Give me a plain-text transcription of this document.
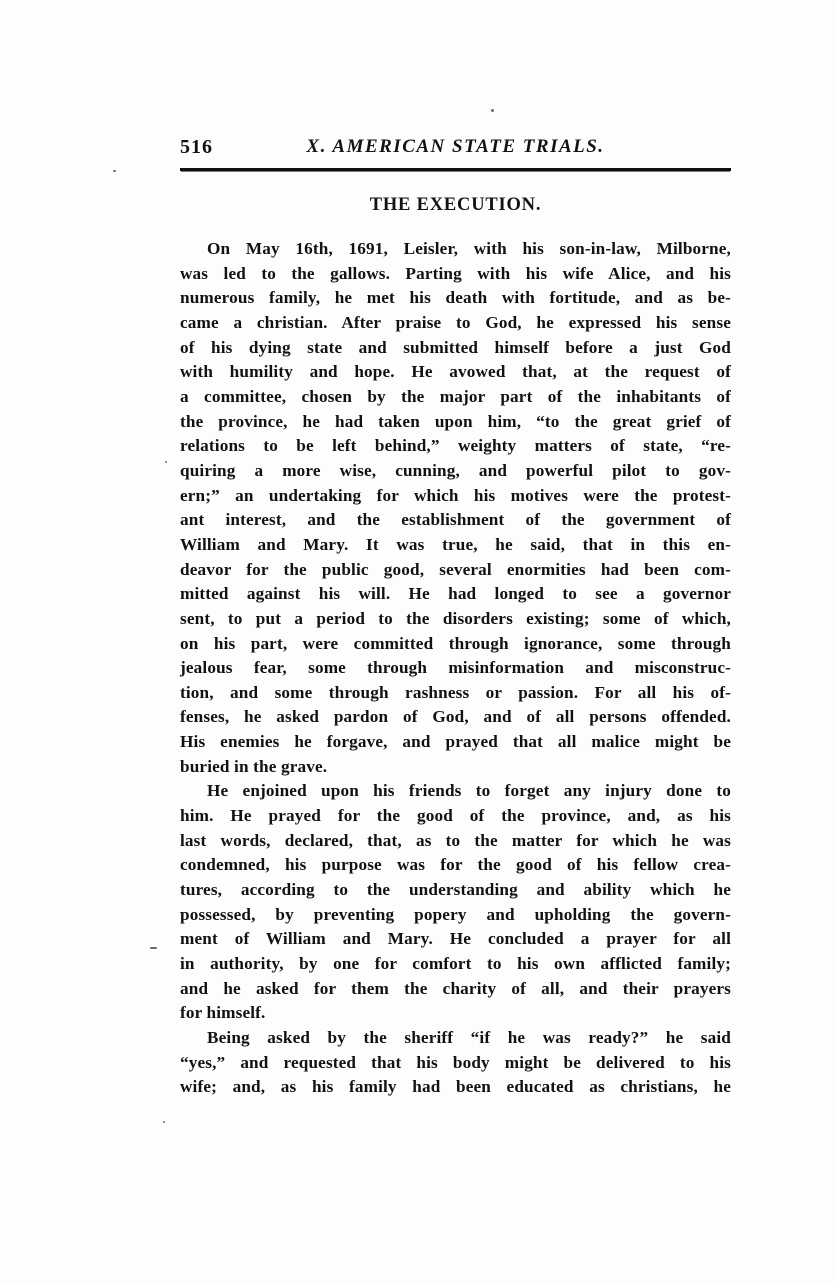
516	X. AMERICAN STATE TRIALS.
THE EXECUTION.
On May 16th, 1691, Leisler, with his son-in-law, Milborne,
was led to the gallows. Parting with his wife Alice, and his
numerous family, he met his death with fortitude, and as be-
came a christian. After praise to God, he expressed his sense
of his dying state and submitted himself before a just God
with humility and hope. He avowed that, at the request of
a committee, chosen by the major part of the inhabitants of
the province, he had taken upon him, “to the great grief of
relations to be left behind,” weighty matters of state, “re-
quiring a more wise, cunning, and powerful pilot to gov-
ern;” an undertaking for which his motives were the protest-
ant interest, and the establishment of the government of
William and Mary. It was true, he said, that in this en-
deavor for the public good, several enormities had been com-
mitted against his will. He had longed to see a governor
sent, to put a period to the disorders existing; some of which,
on his part, were committed through ignorance, some through
jealous fear, some through misinformation and misconstruc-
tion, and some through rashness or passion. For all his of-
fenses, he asked pardon of God, and of all persons offended.
His enemies he forgave, and prayed that all malice might be
buried in the grave.
He enjoined upon his friends to forget any injury done to
him. He prayed for the good of the province, and, as his
last words, declared, that, as to the matter for which he was
condemned, his purpose was for the good of his fellow crea-
tures, according to the understanding and ability which he
possessed, by preventing popery and upholding the govern-
ment of William and Mary. He concluded a prayer for all
in authority, by one for comfort to his own afflicted family;
and he asked for them the charity of all, and their prayers
for himself.
Being asked by the sheriff “if he was ready?” he said
“yes,” and requested that his body might be delivered to his
wife; and, as his family had been educated as christians, he
